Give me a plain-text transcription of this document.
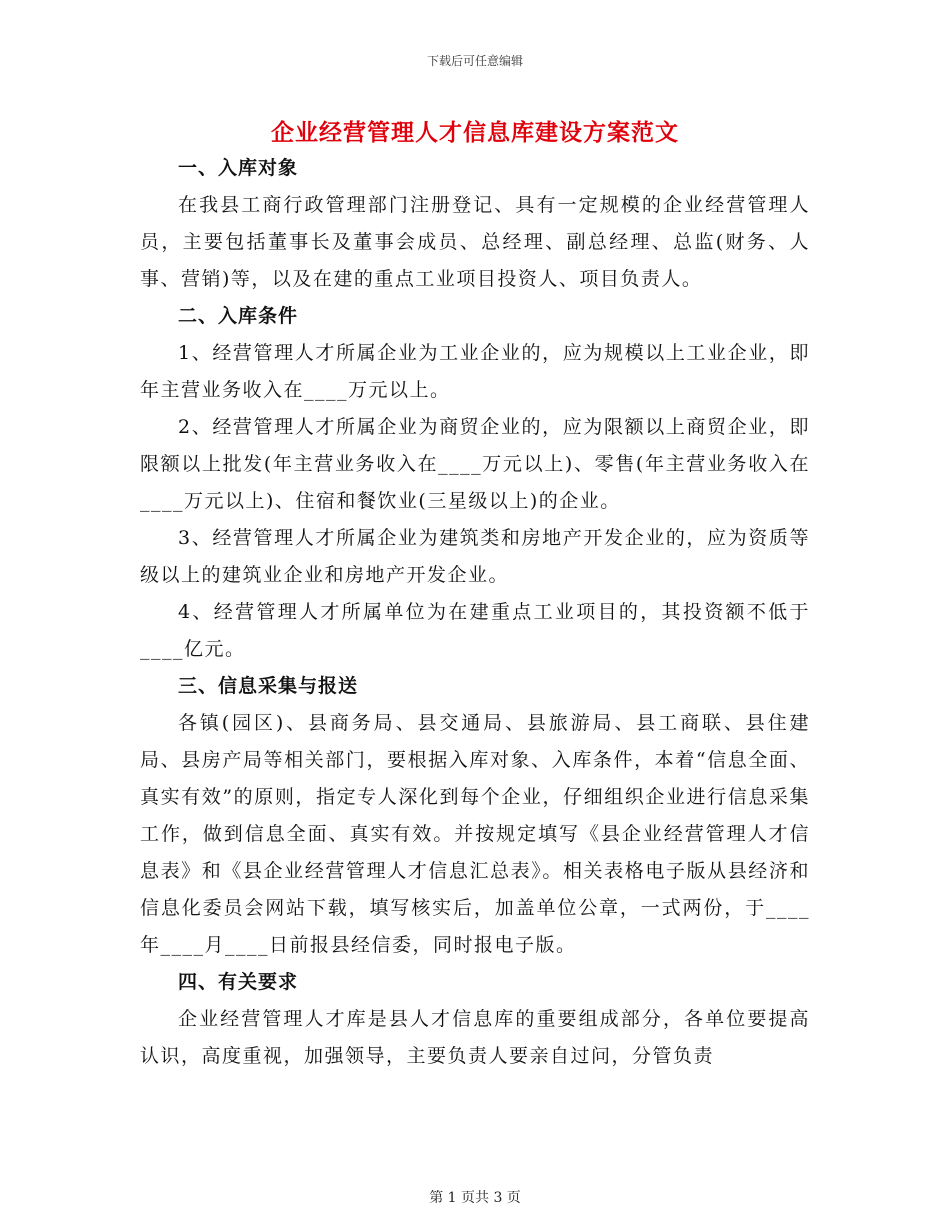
下载后可任意编辑
企业经营管理人才信息库建设方案范文

一、入库对象

在我县工商行政管理部门注册登记、具有一定规模的企业经营管理人员，主要包括董事长及董事会成员、总经理、副总经理、总监(财务、人事、营销)等，以及在建的重点工业项目投资人、项目负责人。

二、入库条件

1、经营管理人才所属企业为工业企业的，应为规模以上工业企业，即年主营业务收入在____万元以上。

2、经营管理人才所属企业为商贸企业的，应为限额以上商贸企业，即限额以上批发(年主营业务收入在____万元以上)、零售(年主营业务收入在____万元以上)、住宿和餐饮业(三星级以上)的企业。

3、经营管理人才所属企业为建筑类和房地产开发企业的，应为资质等级以上的建筑业企业和房地产开发企业。

4、经营管理人才所属单位为在建重点工业项目的，其投资额不低于____亿元。

三、信息采集与报送

各镇(园区)、县商务局、县交通局、县旅游局、县工商联、县住建局、县房产局等相关部门，要根据入库对象、入库条件，本着“信息全面、真实有效”的原则，指定专人深化到每个企业，仔细组织企业进行信息采集工作，做到信息全面、真实有效。并按规定填写《县企业经营管理人才信息表》和《县企业经营管理人才信息汇总表》。相关表格电子版从县经济和信息化委员会网站下载，填写核实后，加盖单位公章，一式两份，于____年____月____日前报县经信委，同时报电子版。

四、有关要求

企业经营管理人才库是县人才信息库的重要组成部分，各单位要提高认识，高度重视，加强领导，主要负责人要亲自过问，分管负责

第 1 页共 3 页
